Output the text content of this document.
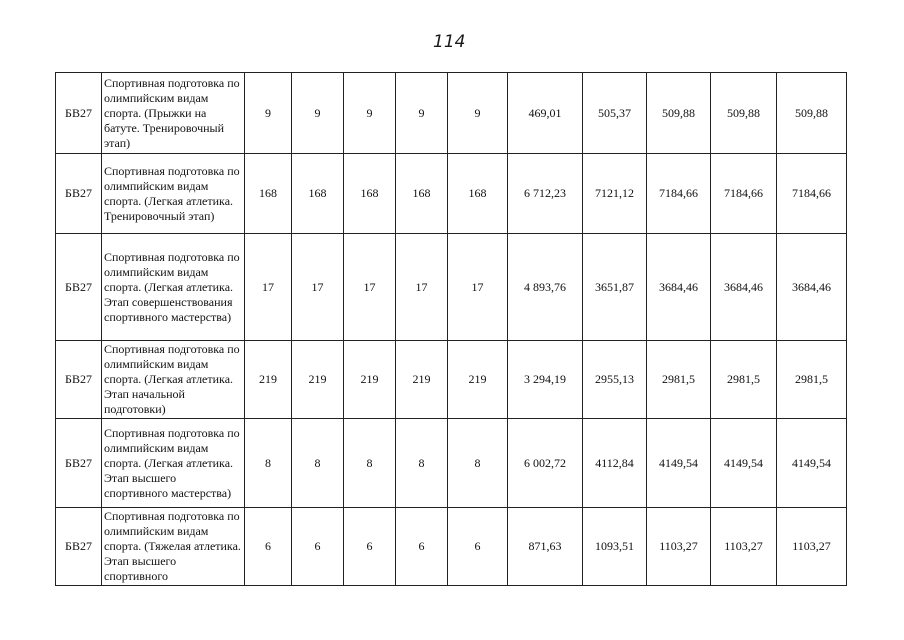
114
БВ27	Спортивная подготовка по олимпийским видам спорта. (Прыжки на батуте. Тренировочный этап)	9	9	9	9	9	469,01	505,37	509,88	509,88	509,88
БВ27	Спортивная подготовка по олимпийским видам спорта. (Легкая атлетика. Тренировочный этап)	168	168	168	168	168	6 712,23	7121,12	7184,66	7184,66	7184,66
БВ27	Спортивная подготовка по олимпийским видам спорта. (Легкая атлетика. Этап совершенствования спортивного мастерства)	17	17	17	17	17	4 893,76	3651,87	3684,46	3684,46	3684,46
БВ27	Спортивная подготовка по олимпийским видам спорта. (Легкая атлетика. Этап начальной подготовки)	219	219	219	219	219	3 294,19	2955,13	2981,5	2981,5	2981,5
БВ27	Спортивная подготовка по олимпийским видам спорта. (Легкая атлетика. Этап высшего спортивного мастерства)	8	8	8	8	8	6 002,72	4112,84	4149,54	4149,54	4149,54
БВ27	Спортивная подготовка по олимпийским видам спорта. (Тяжелая атлетика. Этап высшего спортивного	6	6	6	6	6	871,63	1093,51	1103,27	1103,27	1103,27
